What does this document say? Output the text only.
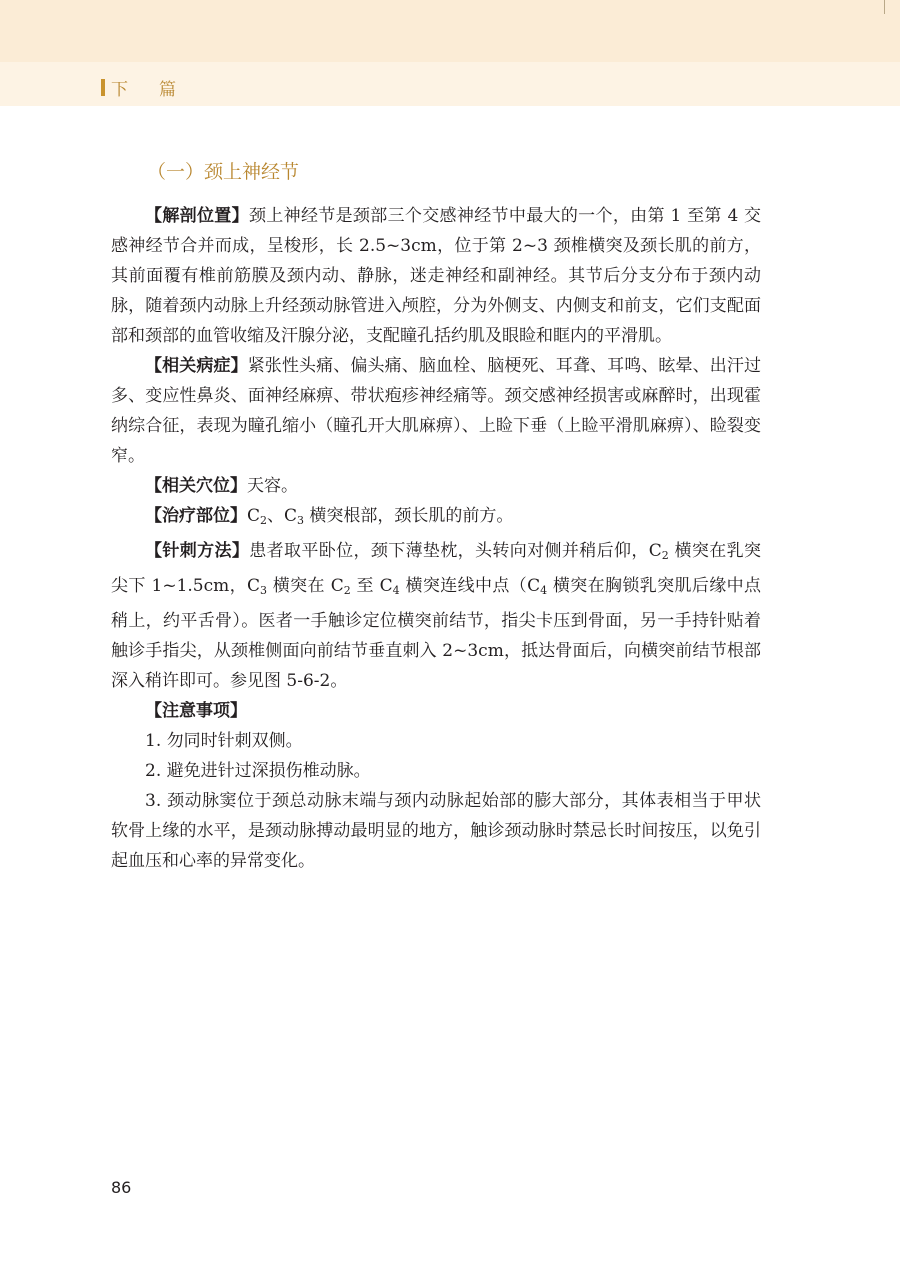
下篇
（一）颈上神经节

【解剖位置】颈上神经节是颈部三个交感神经节中最大的一个，由第 1 至第 4 交感神经节合并而成，呈梭形，长 2.5~3cm，位于第 2~3 颈椎横突及颈长肌的前方，其前面覆有椎前筋膜及颈内动、静脉，迷走神经和副神经。其节后分支分布于颈内动脉，随着颈内动脉上升经颈动脉管进入颅腔，分为外侧支、内侧支和前支，它们支配面部和颈部的血管收缩及汗腺分泌，支配瞳孔括约肌及眼睑和眶内的平滑肌。

【相关病症】紧张性头痛、偏头痛、脑血栓、脑梗死、耳聋、耳鸣、眩晕、出汗过多、变应性鼻炎、面神经麻痹、带状疱疹神经痛等。颈交感神经损害或麻醉时，出现霍纳综合征，表现为瞳孔缩小（瞳孔开大肌麻痹）、上睑下垂（上睑平滑肌麻痹）、睑裂变窄。

【相关穴位】天容。

【治疗部位】$C_2$、$C_3$ 横突根部，颈长肌的前方。

【针刺方法】患者取平卧位，颈下薄垫枕，头转向对侧并稍后仰，$C_2$ 横突在乳突尖下 1~1.5cm，$C_3$ 横突在 $C_2$ 至 $C_4$ 横突连线中点（$C_4$ 横突在胸锁乳突肌后缘中点稍上，约平舌骨）。医者一手触诊定位横突前结节，指尖卡压到骨面，另一手持针贴着触诊手指尖，从颈椎侧面向前结节垂直刺入 2~3cm，抵达骨面后，向横突前结节根部深入稍许即可。参见图 5-6-2。

【注意事项】

1. 勿同时针刺双侧。

2. 避免进针过深损伤椎动脉。

3. 颈动脉窦位于颈总动脉末端与颈内动脉起始部的膨大部分，其体表相当于甲状软骨上缘的水平，是颈动脉搏动最明显的地方，触诊颈动脉时禁忌长时间按压，以免引起血压和心率的异常变化。

86
